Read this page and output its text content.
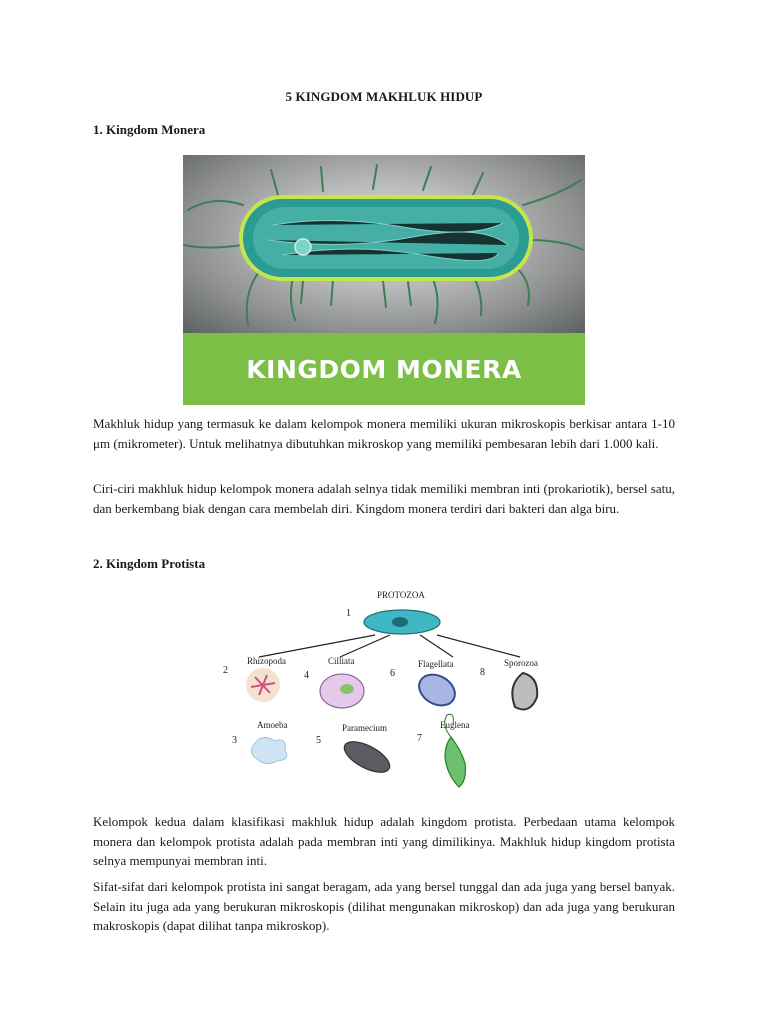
5 KINGDOM MAKHLUK HIDUP
1. Kingdom Monera
KINGDOM MONERA

Makhluk hidup yang termasuk ke dalam kelompok monera memiliki ukuran mikroskopis berkisar antara 1-10 μm (mikrometer). Untuk melihatnya dibutuhkan mikroskop yang memiliki pembesaran lebih dari 1.000 kali.

Ciri-ciri makhluk hidup kelompok monera adalah selnya tidak memiliki membran inti (prokariotik), bersel satu, dan berkembang biak dengan cara membelah diri. Kingdom monera terdiri dari bakteri dan alga biru.

2. Kingdom Protista
PROTOZOA
1
Rhizopoda	Cilliata	Flagellata	Sporozoa
2	4	6	8
Amoeba	Paramecium	Euglena
3	5	7

Kelompok kedua dalam klasifikasi makhluk hidup adalah kingdom protista. Perbedaan utama kelompok monera dan kelompok protista adalah pada membran inti yang dimilikinya. Makhluk hidup kingdom protista selnya mempunyai membran inti.

Sifat-sifat dari kelompok protista ini sangat beragam, ada yang bersel tunggal dan ada juga yang bersel banyak. Selain itu juga ada yang berukuran mikroskopis (dilihat mengunakan mikroskop) dan ada juga yang berukuran makroskopis (dapat dilihat tanpa mikroskop).
